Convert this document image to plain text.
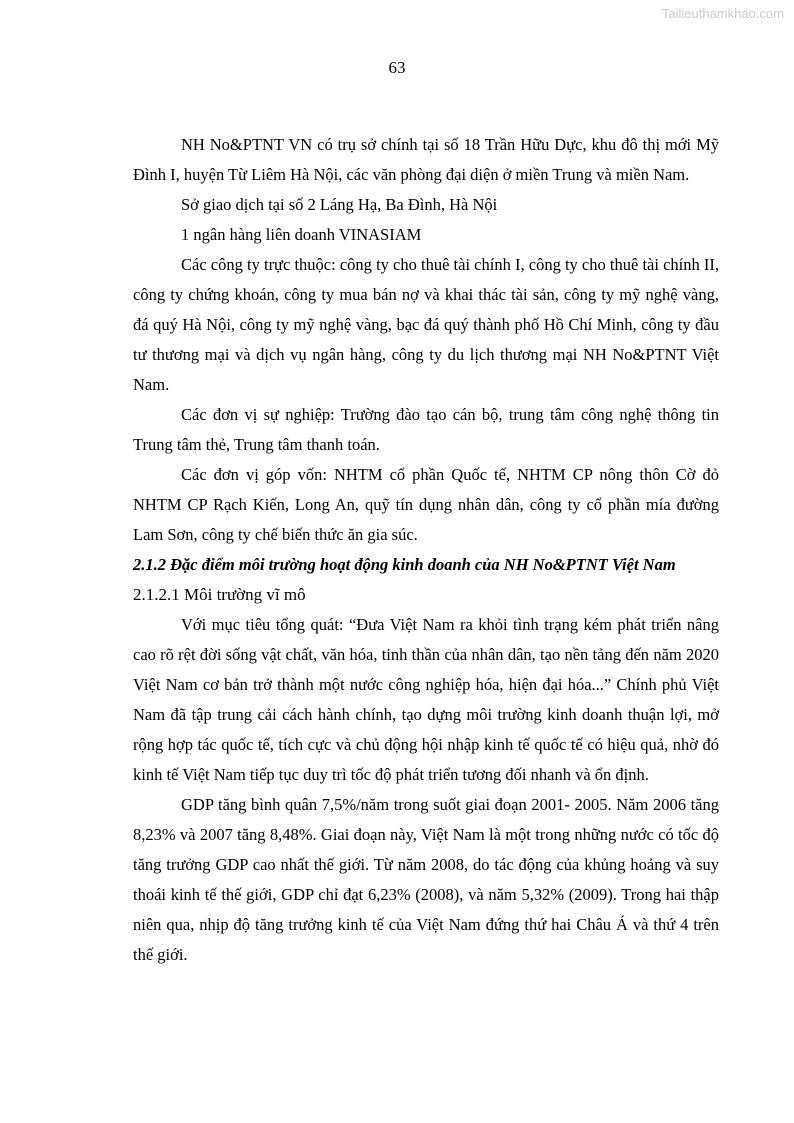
Tailieuthamkhao.com
63

NH No&PTNT VN có trụ sở chính tại số 18 Trần Hữu Dực, khu đô thị mới Mỹ Đình I, huyện Từ Liêm Hà Nội, các văn phòng đại diện ở miền Trung và miền Nam.

Sở giao dịch tại số 2 Láng Hạ, Ba Đình, Hà Nội

1 ngân hàng liên doanh VINASIAM

Các công ty trực thuộc: công ty cho thuê tài chính I, công ty cho thuê tài chính II, công ty chứng khoán, công ty mua bán nợ và khai thác tài sản, công ty mỹ nghệ vàng, đá quý Hà Nội, công ty mỹ nghệ vàng, bạc đá quý thành phố Hồ Chí Minh, công ty đầu tư thương mại và dịch vụ ngân hàng, công ty du lịch thương mại NH No&PTNT Việt Nam.

Các đơn vị sự nghiệp: Trường đào tạo cán bộ, trung tâm công nghệ thông tin Trung tâm thẻ, Trung tâm thanh toán.

Các đơn vị góp vốn: NHTM cổ phần Quốc tế, NHTM CP nông thôn Cờ đỏ NHTM CP Rạch Kiến, Long An, quỹ tín dụng nhân dân, công ty cổ phần mía đường Lam Sơn, công ty chế biến thức ăn gia súc.

2.1.2 Đặc điểm môi trường hoạt động kinh doanh của NH No&PTNT Việt Nam
2.1.2.1 Môi trường vĩ mô

Với mục tiêu tổng quát: “Đưa Việt Nam ra khỏi tình trạng kém phát triển nâng cao rõ rệt đời sống vật chất, văn hóa, tinh thần của nhân dân, tạo nền tảng đến năm 2020 Việt Nam cơ bản trở thành một nước công nghiệp hóa, hiện đại hóa...” Chính phủ Việt Nam đã tập trung cải cách hành chính, tạo dựng môi trường kinh doanh thuận lợi, mở rộng hợp tác quốc tế, tích cực và chủ động hội nhập kinh tế quốc tế có hiệu quả, nhờ đó kinh tế Việt Nam tiếp tục duy trì tốc độ phát triển tương đối nhanh và ổn định.

GDP tăng bình quân 7,5%/năm trong suốt giai đoạn 2001- 2005. Năm 2006 tăng 8,23% và 2007 tăng 8,48%. Giai đoạn này, Việt Nam là một trong những nước có tốc độ tăng trưởng GDP cao nhất thế giới. Từ năm 2008, do tác động của khủng hoảng và suy thoái kinh tế thế giới, GDP chỉ đạt 6,23% (2008), và năm 5,32% (2009). Trong hai thập niên qua, nhịp độ tăng trưởng kinh tế của Việt Nam đứng thứ hai Châu Á và thứ 4 trên thế giới.
